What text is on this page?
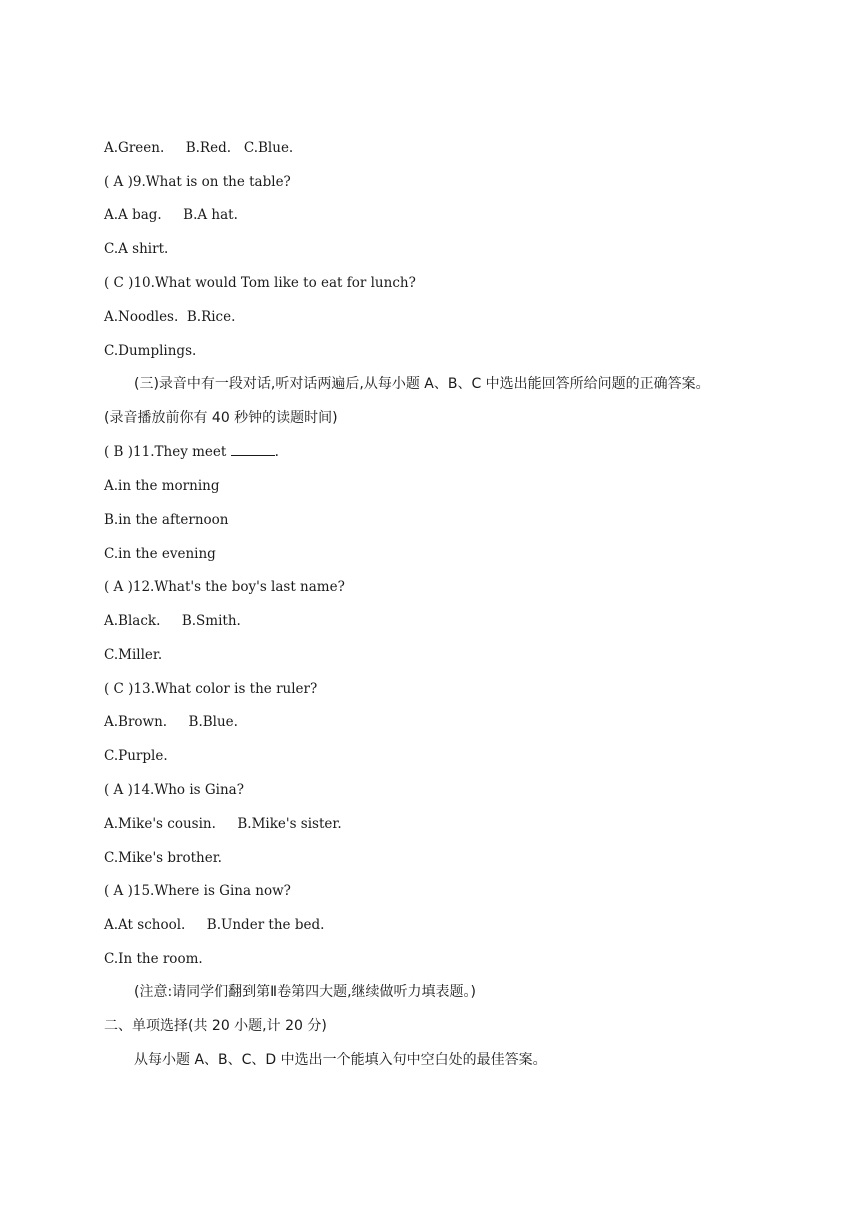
A.Green.     B.Red.   C.Blue.
( A )9.What is on the table?
A.A bag.     B.A hat.
C.A shirt.
( C )10.What would Tom like to eat for lunch?
A.Noodles.  B.Rice.
C.Dumplings.
(三)录音中有一段对话,听对话两遍后,从每小题 A、B、C 中选出能回答所给问题的正确答案。
(录音播放前你有 40 秒钟的读题时间)
( B )11.They meet	.
A.in the morning
B.in the afternoon
C.in the evening
( A )12.What's the boy's last name?
A.Black.     B.Smith.
C.Miller.
( C )13.What color is the ruler?
A.Brown.     B.Blue.
C.Purple.
( A )14.Who is Gina?
A.Mike's cousin.     B.Mike's sister.
C.Mike's brother.
( A )15.Where is Gina now?
A.At school.     B.Under the bed.
C.In the room.
(注意:请同学们翻到第Ⅱ卷第四大题,继续做听力填表题。)
二、单项选择(共 20 小题,计 20 分)
从每小题 A、B、C、D 中选出一个能填入句中空白处的最佳答案。
